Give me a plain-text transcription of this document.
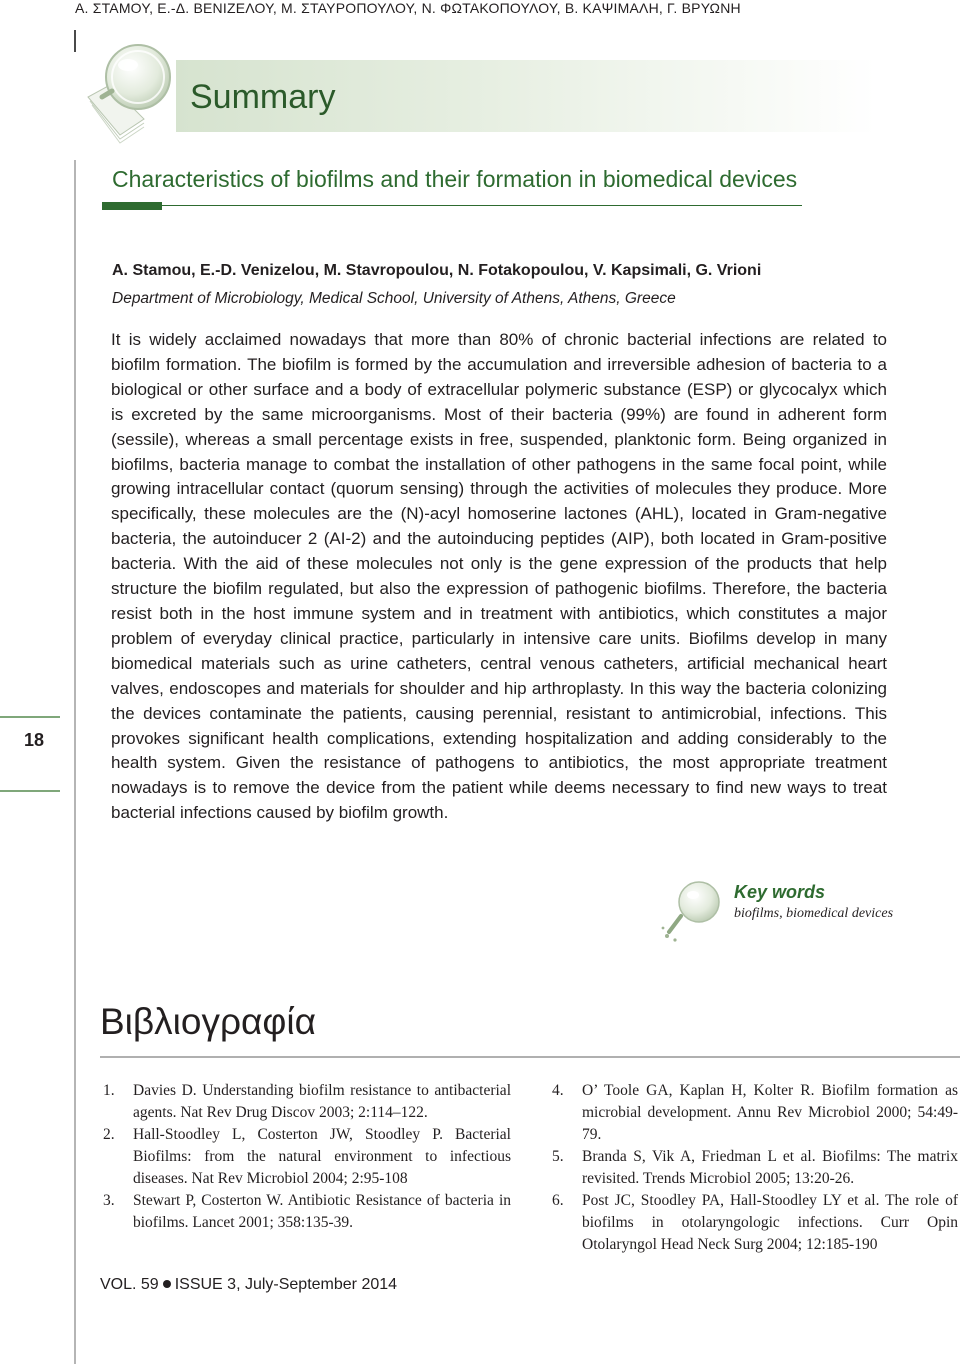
Α. ΣΤΑΜΟΥ, Ε.-Δ. ΒΕΝΙΖΕΛΟΥ, Μ. ΣΤΑΥΡΟΠΟΥΛΟΥ, Ν. ΦΩΤΑΚΟΠΟΥΛΟΥ, Β. ΚΑΨΙΜΑΛΗ, Γ. ΒΡΥΩΝΗ
Summary
Characteristics of biofilms and their formation in biomedical devices
A. Stamou, E.-D. Venizelou, M. Stavropoulou, N. Fotakopoulou, V. Kapsimali, G. Vrioni
Department of Microbiology, Medical School, University of Athens, Athens, Greece

It is widely acclaimed nowadays that more than 80% of chronic bacterial infections are related to biofilm formation. The biofilm is formed by the accumulation and irreversible adhesion of bacteria to a biological or other surface and a body of extracellular polymeric substance (ESP) or glycocalyx which is excreted by the same microorganisms. Most of their bacteria (99%) are found in adherent form (sessile), whereas a small percentage exists in free, suspended, planktonic form. Being organized in biofilms, bacteria manage to combat the installation of other pathogens in the same focal point, while growing intracellular contact (quorum sensing) through the activities of molecules they produce. More specifically, these molecules are the (N)-acyl homoserine lactones (AHL), located in Gram-negative bacteria, the autoinducer 2 (AI-2) and the autoinducing peptides (AIP), both located in Gram-positive bacteria. With the aid of these molecules not only is the gene expression of the products that help structure the biofilm regulated, but also the expression of pathogenic biofilms. Therefore, the bacteria resist both in the host immune system and in treatment with antibiotics, which constitutes a major problem of everyday clinical practice, particularly in intensive care units. Biofilms develop in many biomedical materials such as urine catheters, central venous catheters, artificial mechanical heart valves, endoscopes and materials for shoulder and hip arthroplasty. In this way the bacteria colonizing the devices contaminate the patients, causing perennial, resistant to antimicrobial, infections. This provokes significant health complications, extending hospitalization and adding considerably to the health system. Given the resistance of pathogens to antibiotics, the most appropriate treatment nowadays is to remove the device from the patient while deems necessary to find new ways to treat bacterial infections caused by biofilm growth.

18
Key words
biofilms, biomedical devices
Βιβλιογραφία
1. Davies D. Understanding biofilm resistance to antibacterial agents. Nat Rev Drug Discov 2003; 2:114–122.
2. Hall-Stoodley L, Costerton JW, Stoodley P. Bacterial Biofilms: from the natural environment to infectious diseases. Nat Rev Microbiol 2004; 2:95-108
3. Stewart P, Costerton W. Antibiotic Resistance of bacteria in biofilms. Lancet 2001; 358:135-39.
4. O’ Toole GA, Kaplan H, Kolter R. Biofilm formation as microbial development. Annu Rev Microbiol 2000; 54:49-79.
5. Branda S, Vik A, Friedman L et al. Biofilms: The matrix revisited. Trends Microbiol 2005; 13:20-26.
6. Post JC, Stoodley PA, Hall-Stoodley LY et al. The role of biofilms in otolaryngologic infections. Curr Opin Otolaryngol Head Neck Surg 2004; 12:185-190
VOL. 59 ISSUE 3, July-September 2014
